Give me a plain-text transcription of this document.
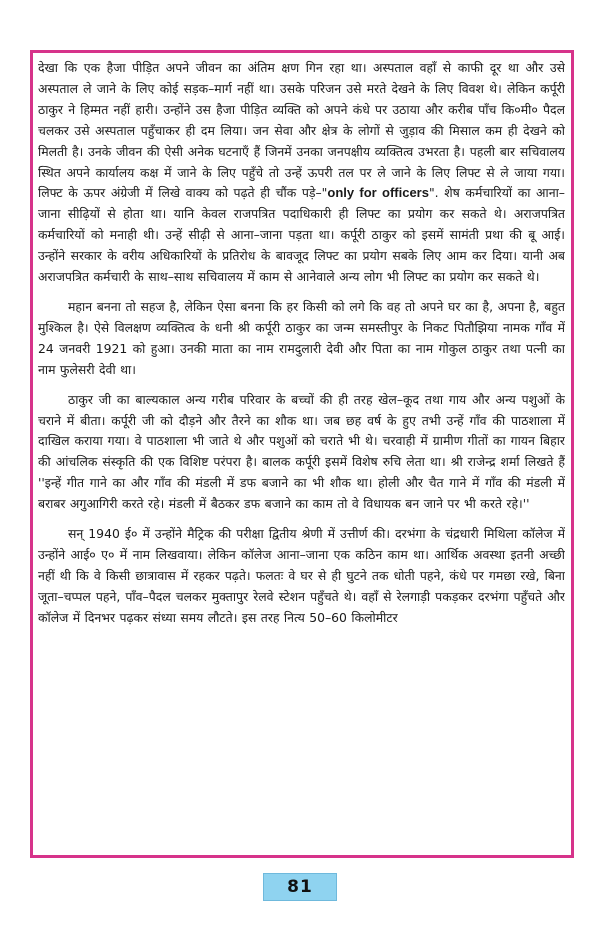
देखा कि एक हैजा पीड़ित अपने जीवन का अंतिम क्षण गिन रहा था। अस्पताल वहाँ से काफी दूर था और उसे अस्पताल ले जाने के लिए कोई सड़क–मार्ग नहीं था। उसके परिजन उसे मरते देखने के लिए विवश थे। लेकिन कर्पूरी ठाकुर ने हिम्मत नहीं हारी। उन्होंने उस हैजा पीड़ित व्यक्ति को अपने कंधे पर उठाया और करीब पाँच कि०मी० पैदल चलकर उसे अस्पताल पहुँचाकर ही दम लिया। जन सेवा और क्षेत्र के लोगों से जुड़ाव की मिसाल कम ही देखने को मिलती है। उनके जीवन की ऐसी अनेक घटनाएँ हैं जिनमें उनका जनपक्षीय व्यक्तित्व उभरता है। पहली बार सचिवालय स्थित अपने कार्यालय कक्ष में जाने के लिए पहुँचे तो उन्हें ऊपरी तल पर ले जाने के लिए लिफ्ट से ले जाया गया। लिफ्ट के ऊपर अंग्रेजी में लिखे वाक्य को पढ़ते ही चौंक पड़े–"only for officers". शेष कर्मचारियों का आना–जाना सीढ़ियों से होता था। यानि केवल राजपत्रित पदाधिकारी ही लिफ्ट का प्रयोग कर सकते थे। अराजपत्रित कर्मचारियों को मनाही थी। उन्हें सीढ़ी से आना–जाना पड़ता था। कर्पूरी ठाकुर को इसमें सामंती प्रथा की बू आई। उन्होंने सरकार के वरीय अधिकारियों के प्रतिरोध के बावजूद लिफ्ट का प्रयोग सबके लिए आम कर दिया। यानी अब अराजपत्रित कर्मचारी के साथ–साथ सचिवालय में काम से आनेवाले अन्य लोग भी लिफ्ट का प्रयोग कर सकते थे।

महान बनना तो सहज है, लेकिन ऐसा बनना कि हर किसी को लगे कि वह तो अपने घर का है, अपना है, बहुत मुश्किल है। ऐसे विलक्षण व्यक्तित्व के धनी श्री कर्पूरी ठाकुर का जन्म समस्तीपुर के निकट पितौझिया नामक गाँव में 24 जनवरी 1921 को हुआ। उनकी माता का नाम रामदुलारी देवी और पिता का नाम गोकुल ठाकुर तथा पत्नी का नाम फुलेसरी देवी था।

ठाकुर जी का बाल्यकाल अन्य गरीब परिवार के बच्चों की ही तरह खेल–कूद तथा गाय और अन्य पशुओं के चराने में बीता। कर्पूरी जी को दौड़ने और तैरने का शौक था। जब छह वर्ष के हुए तभी उन्हें गाँव की पाठशाला में दाखिल कराया गया। वे पाठशाला भी जाते थे और पशुओं को चराते भी थे। चरवाही में ग्रामीण गीतों का गायन बिहार की आंचलिक संस्कृति की एक विशिष्ट परंपरा है। बालक कर्पूरी इसमें विशेष रुचि लेता था। श्री राजेन्द्र शर्मा लिखते हैं ''इन्हें गीत गाने का और गाँव की मंडली में डफ बजाने का भी शौक था। होली और चैत गाने में गाँव की मंडली में बराबर अगुआगिरी करते रहे। मंडली में बैठकर डफ बजाने का काम तो वे विधायक बन जाने पर भी करते रहे।''

सन् 1940 ई० में उन्होंने मैट्रिक की परीक्षा द्वितीय श्रेणी में उत्तीर्ण की। दरभंगा के चंद्रधारी मिथिला कॉलेज में उन्होंने आई० ए० में नाम लिखवाया। लेकिन कॉलेज आना–जाना एक कठिन काम था। आर्थिक अवस्था इतनी अच्छी नहीं थी कि वे किसी छात्रावास में रहकर पढ़ते। फलतः वे घर से ही घुटने तक धोती पहने, कंधे पर गमछा रखे, बिना जूता–चप्पल पहने, पाँव–पैदल चलकर मुक्तापुर रेलवे स्टेशन पहुँचते थे। वहाँ से रेलगाड़ी पकड़कर दरभंगा पहुँचते और कॉलेज में दिनभर पढ़कर संध्या समय लौटते। इस तरह नित्य 50–60 किलोमीटर

81
